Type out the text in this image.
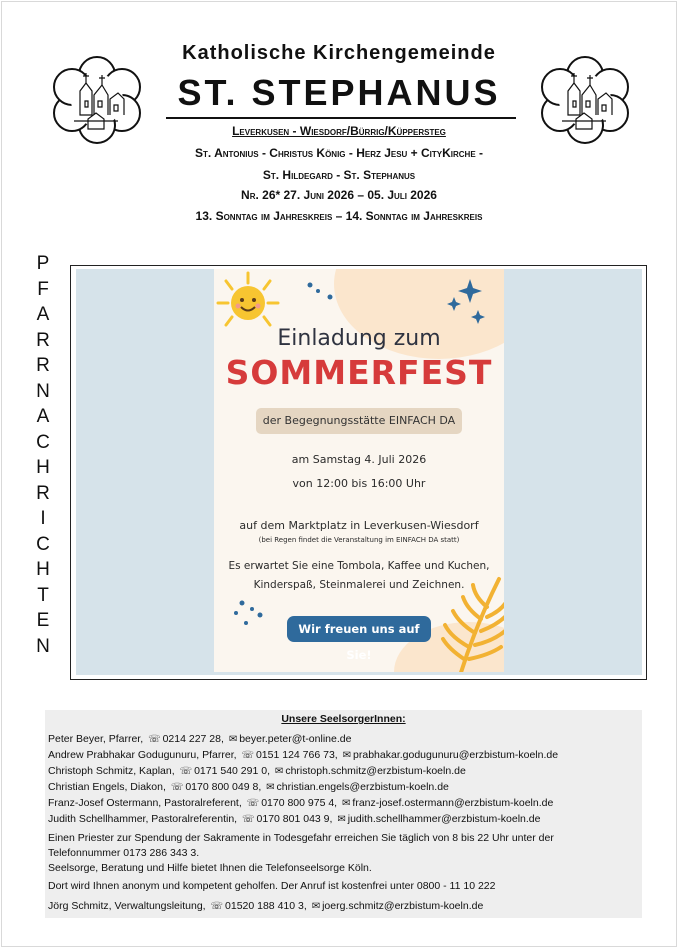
Katholische Kirchengemeinde
ST. STEPHANUS
Leverkusen - Wiesdorf/Bürrig/Küppersteg
St. Antonius - Christus König - Herz Jesu + CityKirche -
St. Hildegard - St. Stephanus
Nr. 26* 27. Juni 2026 – 05. Juli 2026
13. Sonntag im Jahreskreis – 14. Sonntag im Jahreskreis
P
F
A
R
R
N
A
C
H
R
I
C
H
T
E
N
Einladung zum
SOMMERFEST
der Begegnungsstätte EINFACH DA
am Samstag 4. Juli 2026
von 12:00 bis 16:00 Uhr
auf dem Marktplatz in Leverkusen-Wiesdorf
(bei Regen findet die Veranstaltung im EINFACH DA statt)
Es erwartet Sie eine Tombola, Kaffee und Kuchen,
Kinderspaß, Steinmalerei und Zeichnen.
Wir freuen uns auf Sie!
Unsere SeelsorgerInnen:
Peter Beyer, Pfarrer, ☏ 0214 227 28, ✉ beyer.peter@t-online.de
Andrew Prabhakar Godugunuru, Pfarrer, ☏ 0151 124 766 73, ✉ prabhakar.godugunuru@erzbistum-koeln.de
Christoph Schmitz, Kaplan, ☏ 0171 540 291 0, ✉ christoph.schmitz@erzbistum-koeln.de
Christian Engels, Diakon, ☏ 0170 800 049 8, ✉ christian.engels@erzbistum-koeln.de
Franz-Josef Ostermann, Pastoralreferent, ☏ 0170 800 975 4, ✉ franz-josef.ostermann@erzbistum-koeln.de
Judith Schellhammer, Pastoralreferentin, ☏ 0170 801 043 9, ✉ judith.schellhammer@erzbistum-koeln.de
Einen Priester zur Spendung der Sakramente in Todesgefahr erreichen Sie täglich von 8 bis 22 Uhr unter der
Telefonnummer 0173 286 343 3.
Seelsorge, Beratung und Hilfe bietet Ihnen die Telefonseelsorge Köln.
Dort wird Ihnen anonym und kompetent geholfen. Der Anruf ist kostenfrei unter 0800 - 11 10 222
Jörg Schmitz, Verwaltungsleitung, ☏ 01520 188 410 3, ✉ joerg.schmitz@erzbistum-koeln.de
